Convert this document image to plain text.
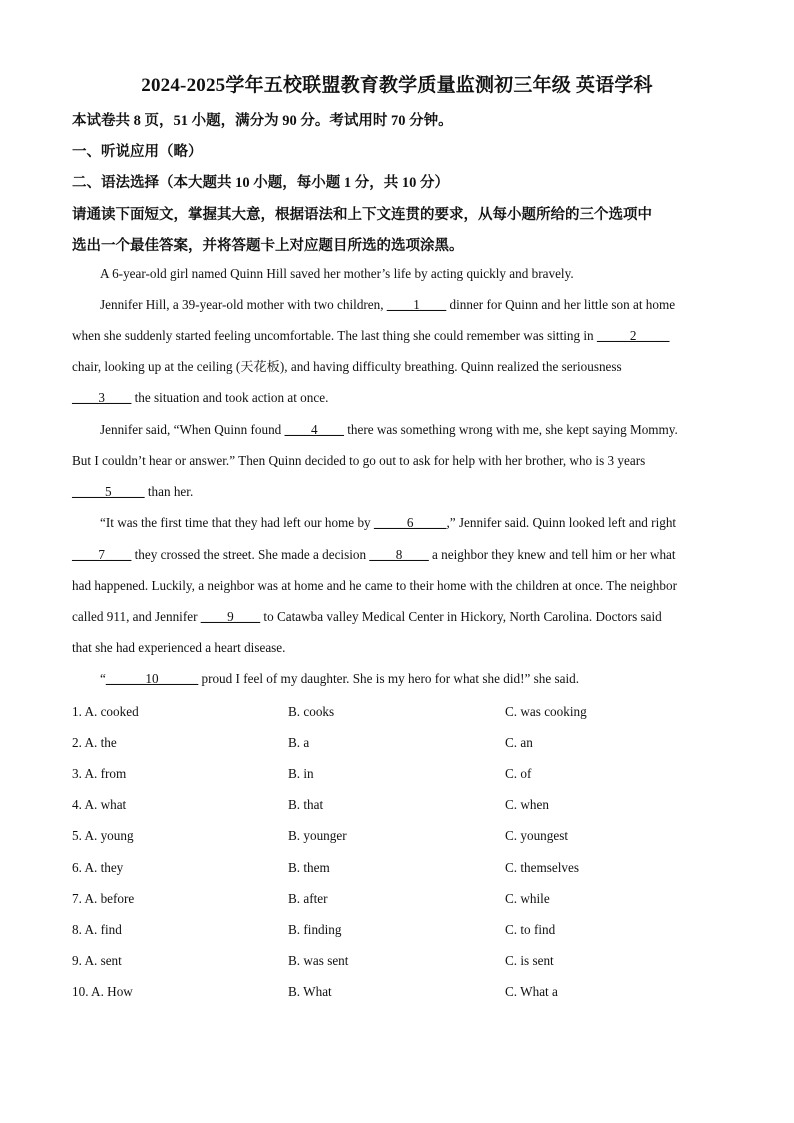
2024-2025学年五校联盟教育教学质量监测初三年级 英语学科
本试卷共 8 页，51 小题，满分为 90 分。考试用时 70 分钟。
一、听说应用（略）
二、语法选择（本大题共 10 小题，每小题 1 分，共 10 分）
请通读下面短文，掌握其大意，根据语法和上下文连贯的要求，从每小题所给的三个选项中
选出一个最佳答案，并将答题卡上对应题目所选的选项涂黑。
A 6-year-old girl named Quinn Hill saved her mother’s life by acting quickly and bravely.
Jennifer Hill, a 39-year-old mother with two children, ____1____ dinner for Quinn and her little son at home
when she suddenly started feeling uncomfortable. The last thing she could remember was sitting in _____2_____
chair, looking up at the ceiling (天花板), and having difficulty breathing. Quinn realized the seriousness
____3____ the situation and took action at once.
Jennifer said, “When Quinn found ____4____ there was something wrong with me, she kept saying Mommy.
But I couldn’t hear or answer.” Then Quinn decided to go out to ask for help with her brother, who is 3 years
_____5_____ than her.
“It was the first time that they had left our home by _____6_____,” Jennifer said. Quinn looked left and right
____7____ they crossed the street. She made a decision ____8____ a neighbor they knew and tell him or her what
had happened. Luckily, a neighbor was at home and he came to their home with the children at once. The neighbor
called 911, and Jennifer ____9____ to Catawba valley Medical Center in Hickory, North Carolina. Doctors said
that she had experienced a heart disease.
“______10______ proud I feel of my daughter. She is my hero for what she did!” she said.
1. A. cooked	B. cooks	C. was cooking
2. A. the	B. a	C. an
3. A. from	B. in	C. of
4. A. what	B. that	C. when
5. A. young	B. younger	C. youngest
6. A. they	B. them	C. themselves
7. A. before	B. after	C. while
8. A. find	B. finding	C. to find
9. A. sent	B. was sent	C. is sent
10. A. How	B. What	C. What a
